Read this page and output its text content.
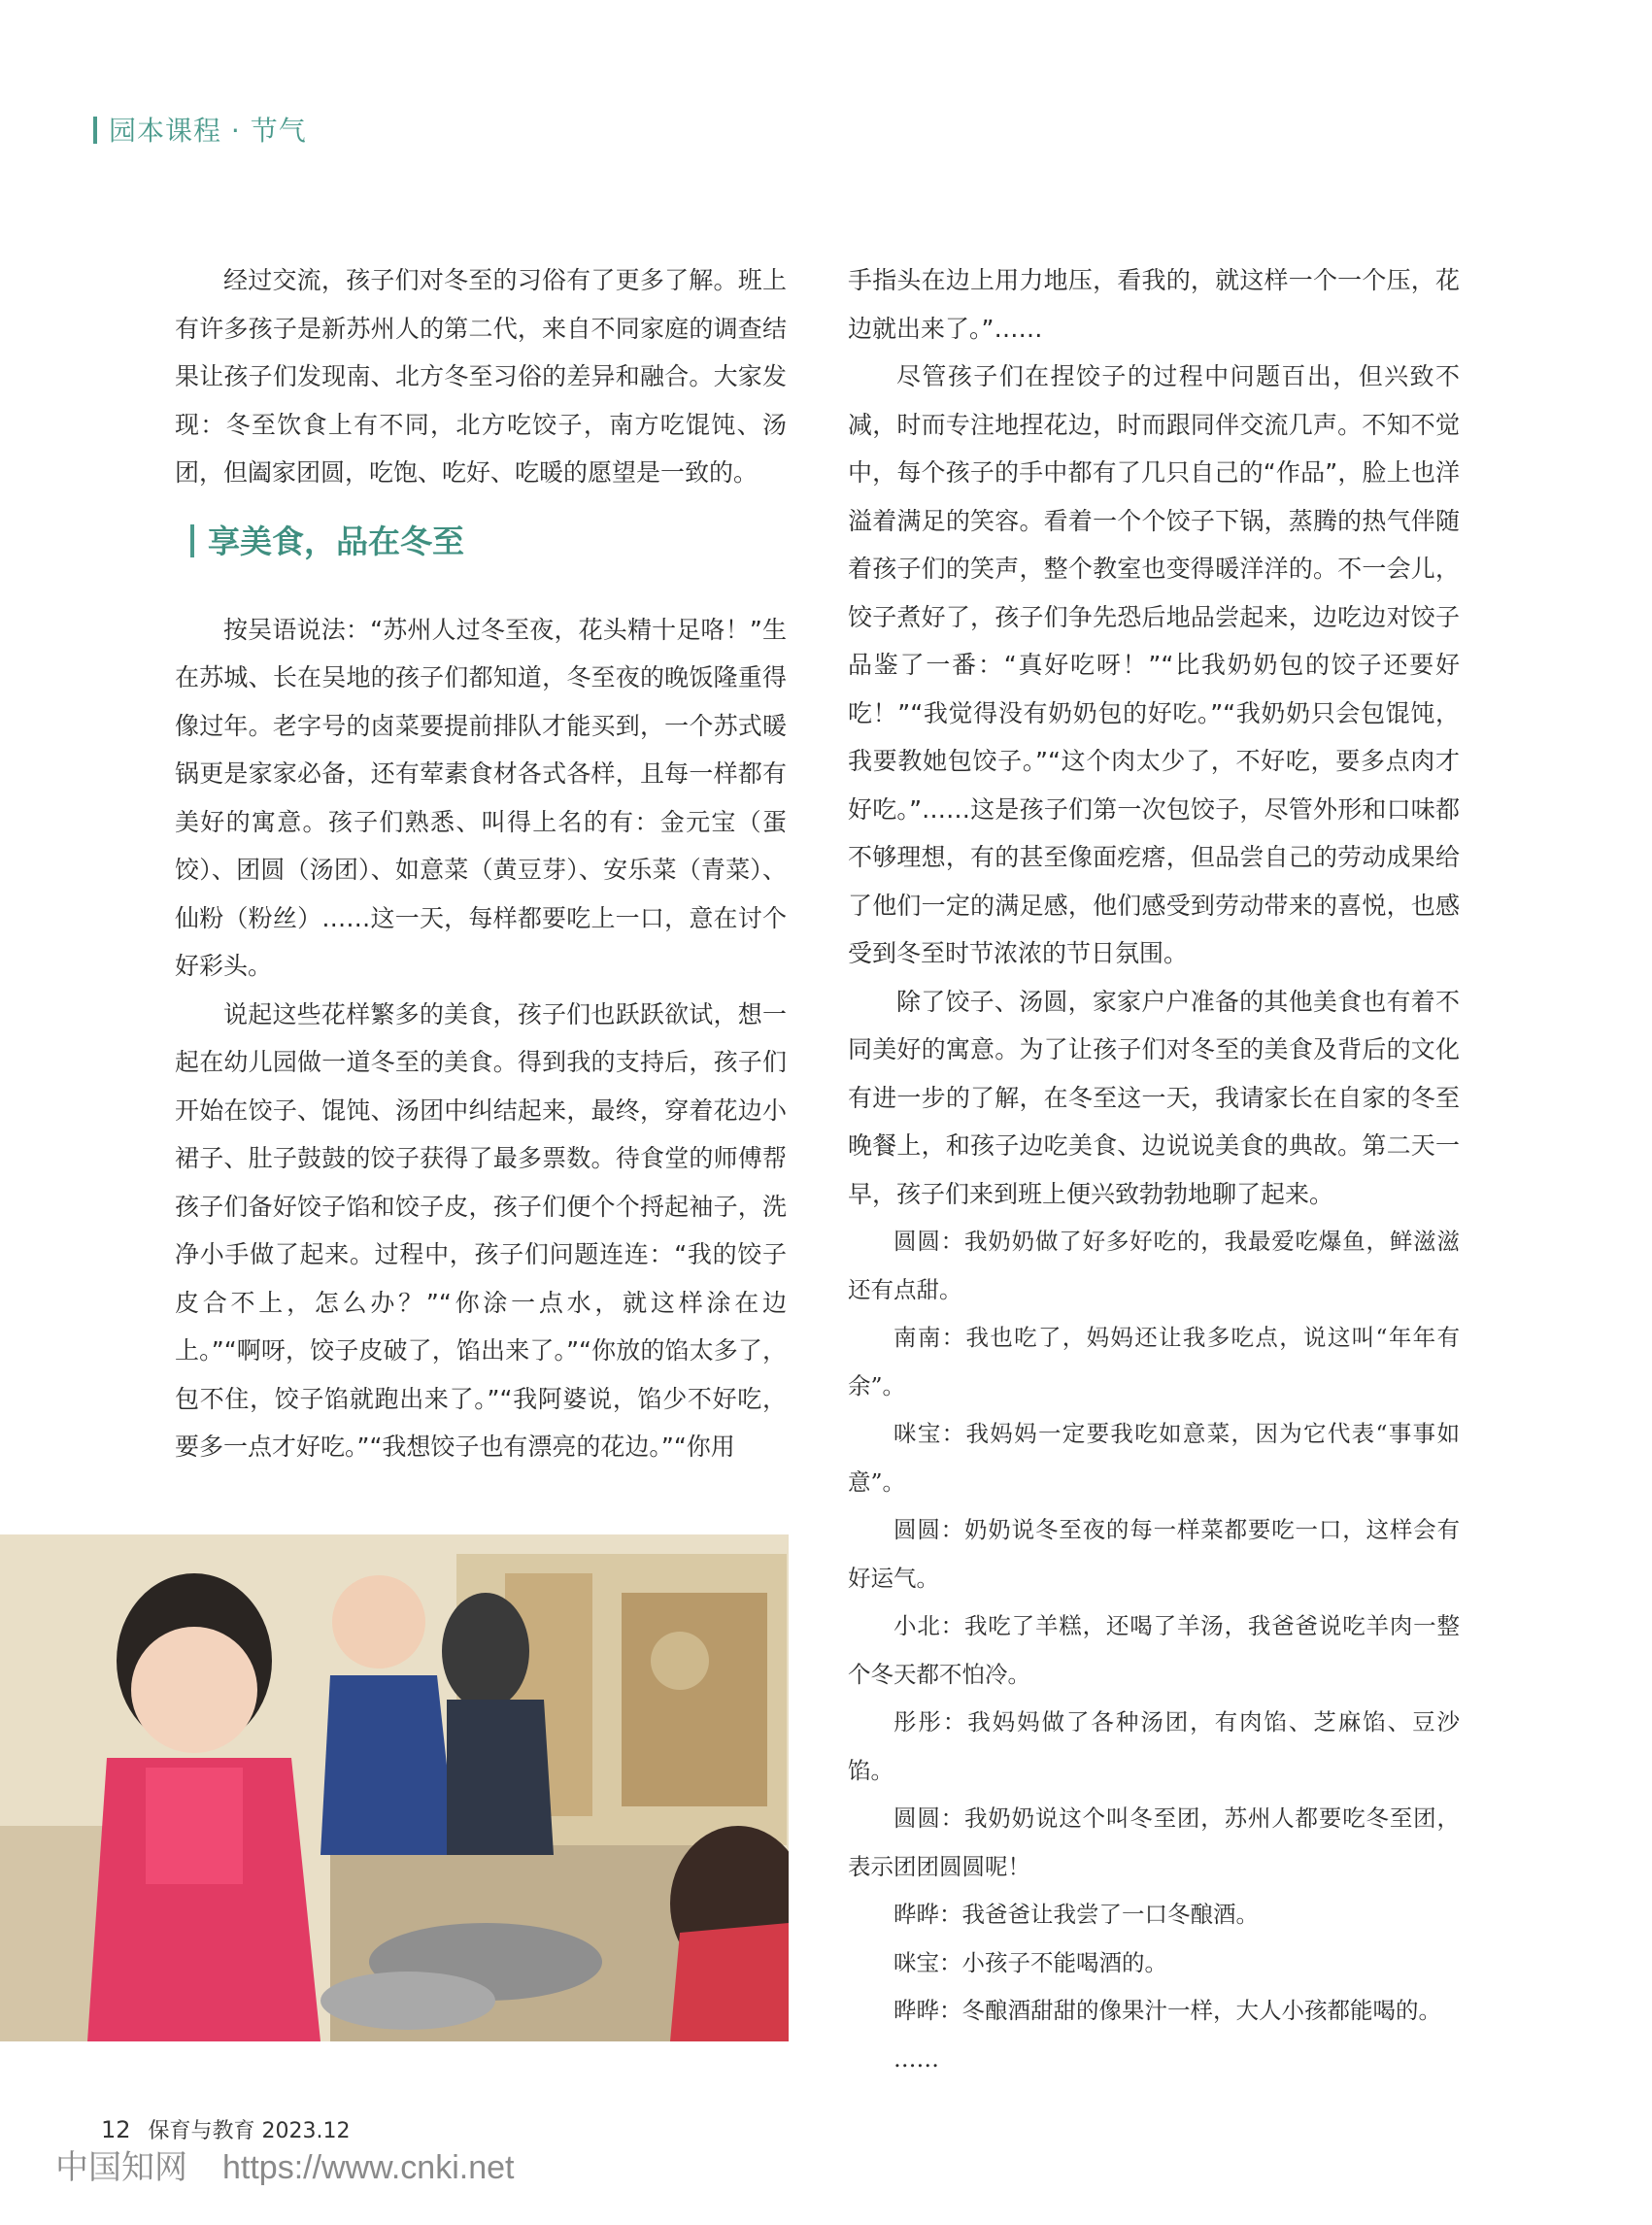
园本课程 · 节气

经过交流，孩子们对冬至的习俗有了更多了解。班上有许多孩子是新苏州人的第二代，来自不同家庭的调查结果让孩子们发现南、北方冬至习俗的差异和融合。大家发现：冬至饮食上有不同，北方吃饺子，南方吃馄饨、汤团，但阖家团圆，吃饱、吃好、吃暖的愿望是一致的。

享美食，品在冬至

按吴语说法：“苏州人过冬至夜，花头精十足咯！”生在苏城、长在吴地的孩子们都知道，冬至夜的晚饭隆重得像过年。老字号的卤菜要提前排队才能买到，一个苏式暖锅更是家家必备，还有荤素食材各式各样，且每一样都有美好的寓意。孩子们熟悉、叫得上名的有：金元宝（蛋饺）、团圆（汤团）、如意菜（黄豆芽）、安乐菜（青菜）、仙粉（粉丝）……这一天，每样都要吃上一口，意在讨个好彩头。

说起这些花样繁多的美食，孩子们也跃跃欲试，想一起在幼儿园做一道冬至的美食。得到我的支持后，孩子们开始在饺子、馄饨、汤团中纠结起来，最终，穿着花边小裙子、肚子鼓鼓的饺子获得了最多票数。待食堂的师傅帮孩子们备好饺子馅和饺子皮，孩子们便个个捋起袖子，洗净小手做了起来。过程中，孩子们问题连连：“我的饺子皮合不上，怎么办？”“你涂一点水，就这样涂在边上。”“啊呀，饺子皮破了，馅出来了。”“你放的馅太多了，包不住，饺子馅就跑出来了。”“我阿婆说，馅少不好吃，要多一点才好吃。”“我想饺子也有漂亮的花边。”“你用

手指头在边上用力地压，看我的，就这样一个一个压，花边就出来了。”……

尽管孩子们在捏饺子的过程中问题百出，但兴致不减，时而专注地捏花边，时而跟同伴交流几声。不知不觉中，每个孩子的手中都有了几只自己的“作品”，脸上也洋溢着满足的笑容。看着一个个饺子下锅，蒸腾的热气伴随着孩子们的笑声，整个教室也变得暖洋洋的。不一会儿，饺子煮好了，孩子们争先恐后地品尝起来，边吃边对饺子品鉴了一番：“真好吃呀！”“比我奶奶包的饺子还要好吃！”“我觉得没有奶奶包的好吃。”“我奶奶只会包馄饨，我要教她包饺子。”“这个肉太少了，不好吃，要多点肉才好吃。”……这是孩子们第一次包饺子，尽管外形和口味都不够理想，有的甚至像面疙瘩，但品尝自己的劳动成果给了他们一定的满足感，他们感受到劳动带来的喜悦，也感受到冬至时节浓浓的节日氛围。

除了饺子、汤圆，家家户户准备的其他美食也有着不同美好的寓意。为了让孩子们对冬至的美食及背后的文化有进一步的了解，在冬至这一天，我请家长在自家的冬至晚餐上，和孩子边吃美食、边说说美食的典故。第二天一早，孩子们来到班上便兴致勃勃地聊了起来。

圆圆：我奶奶做了好多好吃的，我最爱吃爆鱼，鲜滋滋还有点甜。

南南：我也吃了，妈妈还让我多吃点，说这叫“年年有余”。

咪宝：我妈妈一定要我吃如意菜，因为它代表“事事如意”。

圆圆：奶奶说冬至夜的每一样菜都要吃一口，这样会有好运气。

小北：我吃了羊糕，还喝了羊汤，我爸爸说吃羊肉一整个冬天都不怕冷。

彤彤：我妈妈做了各种汤团，有肉馅、芝麻馅、豆沙馅。

圆圆：我奶奶说这个叫冬至团，苏州人都要吃冬至团，表示团团圆圆呢！

晔晔：我爸爸让我尝了一口冬酿酒。

咪宝：小孩子不能喝酒的。

晔晔：冬酿酒甜甜的像果汁一样，大人小孩都能喝的。

……

12 保育与教育 2023.12
中国知网 https://www.cnki.net
